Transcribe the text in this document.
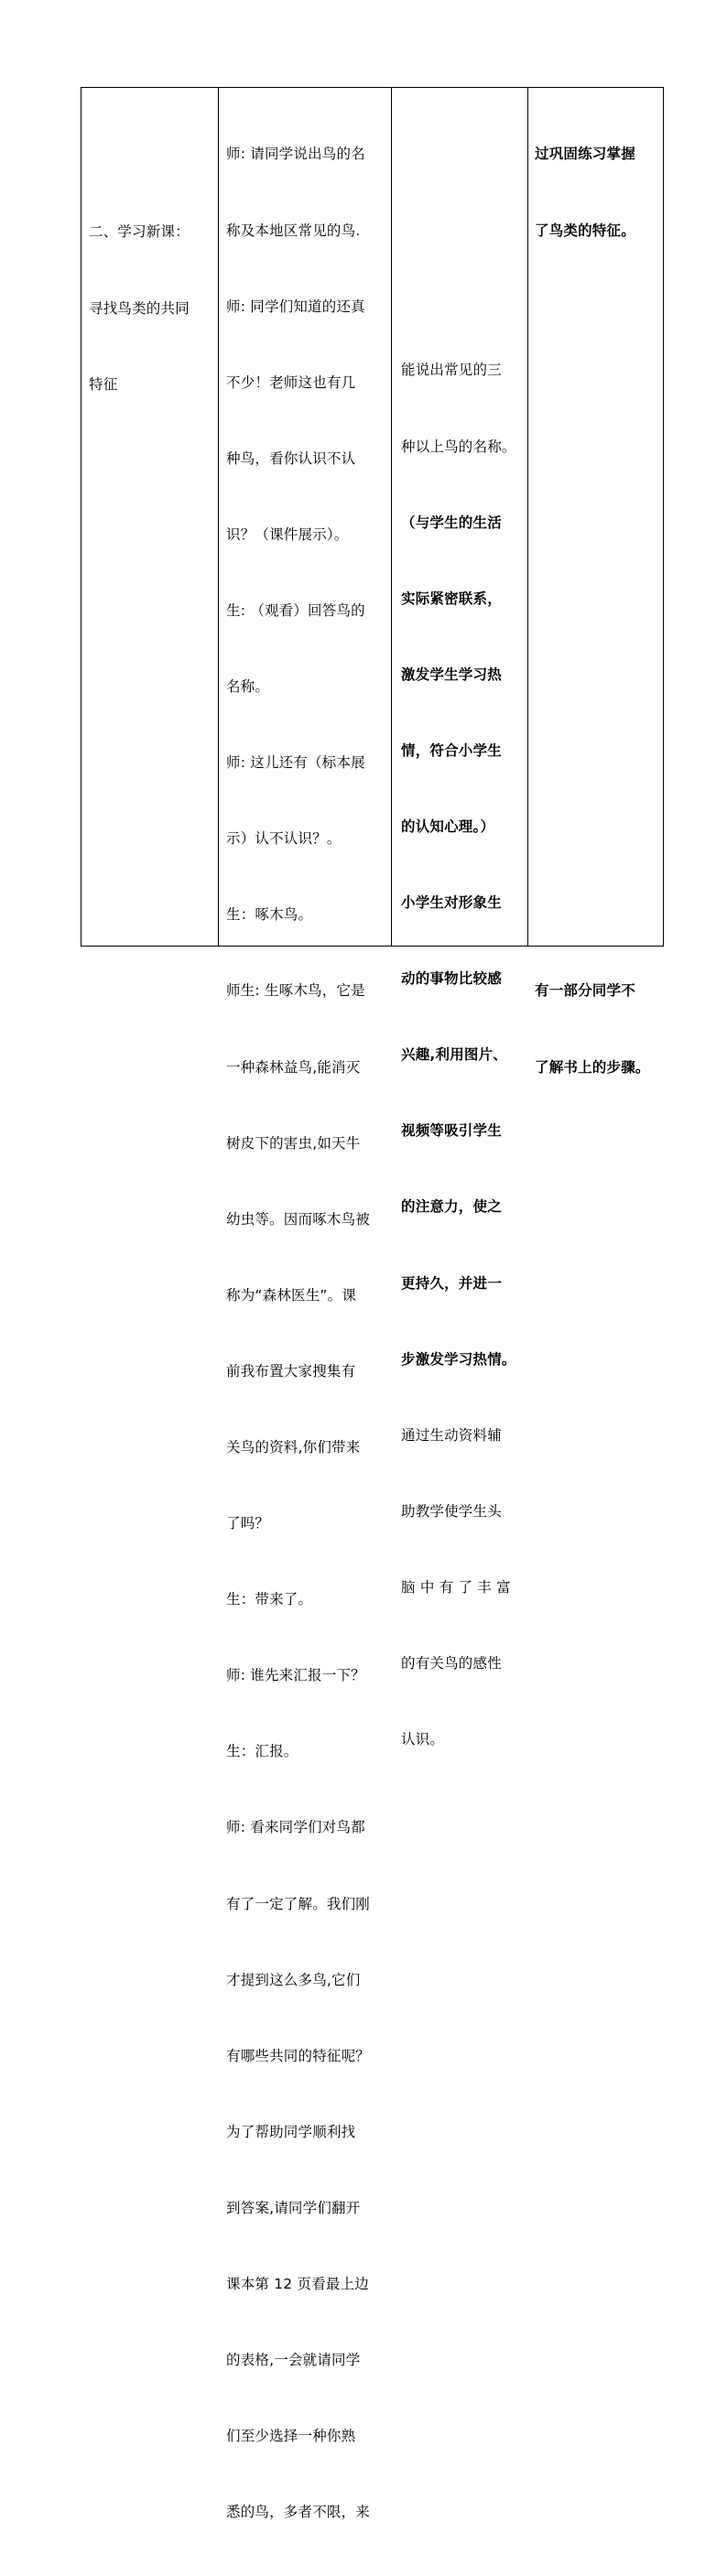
二、学习新课：

寻找鸟类的共同

特征

师: 请同学说出鸟的名

称及本地区常见的鸟.

师: 同学们知道的还真

不少！老师这也有几

种鸟，看你认识不认

识？（课件展示）。

生: （观看）回答鸟的

名称。

师: 这儿还有（标本展

示）认不认识？。

生：啄木鸟。

师生: 生啄木鸟，它是

一种森林益鸟,能消灭

树皮下的害虫,如天牛

幼虫等。因而啄木鸟被

称为“森林医生”。课

前我布置大家搜集有

关鸟的资料,你们带来

了吗？

生：带来了。

师: 谁先来汇报一下？

生：汇报。

师: 看来同学们对鸟都

有了一定了解。我们刚

才提到这么多鸟,它们

有哪些共同的特征呢？

为了帮助同学顺利找

到答案,请同学们翻开

课本第 12 页看最上边

的表格,一会就请同学

们至少选择一种你熟

悉的鸟，多者不限，来

能说出常见的三

种以上鸟的名称。

（与学生的生活

实际紧密联系，

激发学生学习热

情，符合小学生

的认知心理。）

小学生对形象生

动的事物比较感

兴趣,利用图片、

视频等吸引学生

的注意力，使之

更持久，并进一

步激发学习热情。

通过生动资料辅

助教学使学生头

脑 中 有 了 丰 富

的有关鸟的感性

认识。

过巩固练习掌握

了鸟类的特征。

有一部分同学不

了解书上的步骤。
